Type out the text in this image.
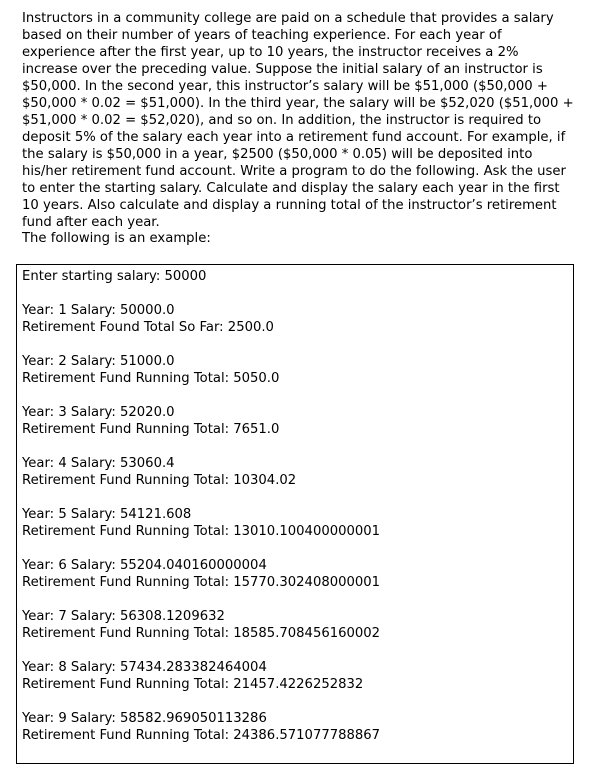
Instructors in a community college are paid on a schedule that provides a salary based on their number of years of teaching experience. For each year of experience after the first year, up to 10 years, the instructor receives a 2% increase over the preceding value. Suppose the initial salary of an instructor is $50,000. In the second year, this instructor’s salary will be $51,000 ($50,000 + $50,000 * 0.02 = $51,000). In the third year, the salary will be $52,020 ($51,000 + $51,000 * 0.02 = $52,020), and so on. In addition, the instructor is required to deposit 5% of the salary each year into a retirement fund account. For example, if the salary is $50,000 in a year, $2500 ($50,000 * 0.05) will be deposited into his/her retirement fund account. Write a program to do the following. Ask the user to enter the starting salary. Calculate and display the salary each year in the first 10 years. Also calculate and display a running total of the instructor’s retirement fund after each year.

The following is an example:

Enter starting salary: 50000
Year: 1 Salary: 50000.0
Retirement Found Total So Far: 2500.0
Year: 2 Salary: 51000.0
Retirement Fund Running Total: 5050.0
Year: 3 Salary: 52020.0
Retirement Fund Running Total: 7651.0
Year: 4 Salary: 53060.4
Retirement Fund Running Total: 10304.02
Year: 5 Salary: 54121.608
Retirement Fund Running Total: 13010.100400000001
Year: 6 Salary: 55204.040160000004
Retirement Fund Running Total: 15770.302408000001
Year: 7 Salary: 56308.1209632
Retirement Fund Running Total: 18585.708456160002
Year: 8 Salary: 57434.283382464004
Retirement Fund Running Total: 21457.4226252832
Year: 9 Salary: 58582.969050113286
Retirement Fund Running Total: 24386.571077788867
